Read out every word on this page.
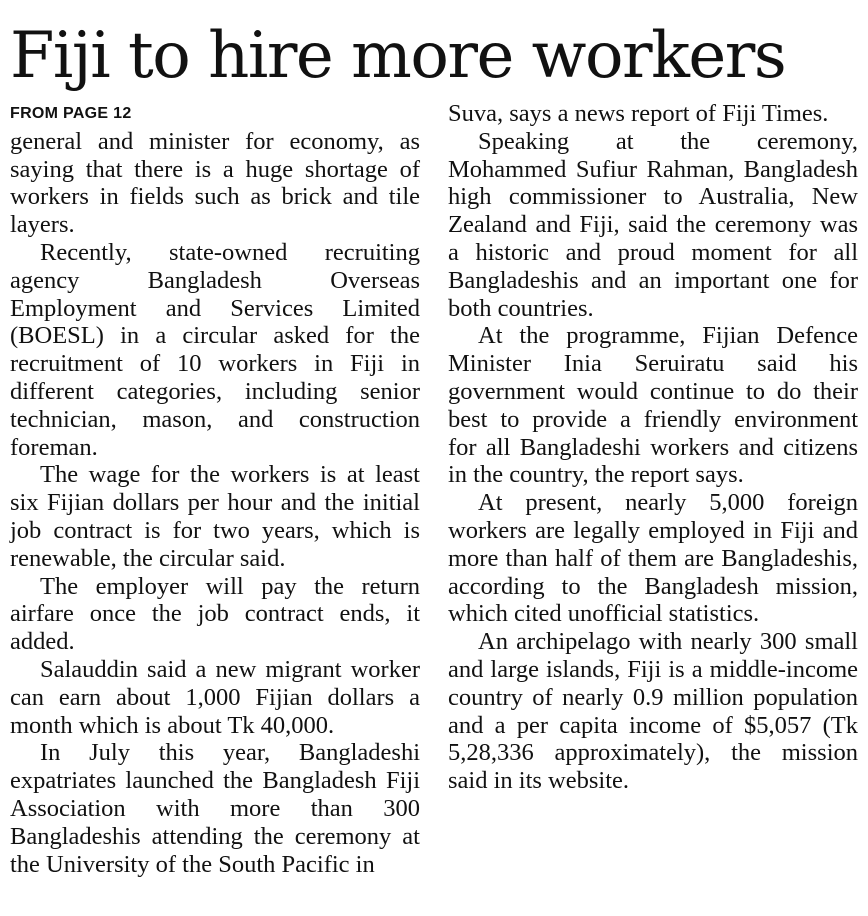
Fiji to hire more workers
FROM PAGE 12

general and minister for economy, as saying that there is a huge shortage of workers in fields such as brick and tile layers.

Recently, state-owned recruiting agency Bangladesh Overseas Employment and Services Limited (BOESL) in a circular asked for the recruitment of 10 workers in Fiji in different categories, including senior technician, mason, and construction foreman.

The wage for the workers is at least six Fijian dollars per hour and the initial job contract is for two years, which is renewable, the circular said.

The employer will pay the return airfare once the job contract ends, it added.

Salauddin said a new migrant worker can earn about 1,000 Fijian dollars a month which is about Tk 40,000.

In July this year, Bangladeshi expatriates launched the Bangladesh Fiji Association with more than 300 Bangladeshis attending the ceremony at the University of the South Pacific in

Suva, says a news report of Fiji Times.

Speaking at the ceremony, Mohammed Sufiur Rahman, Bangladesh high commissioner to Australia, New Zealand and Fiji, said the ceremony was a historic and proud moment for all Bangladeshis and an important one for both countries.

At the programme, Fijian Defence Minister Inia Seruiratu said his government would continue to do their best to provide a friendly environment for all Bangladeshi workers and citizens in the country, the report says.

At present, nearly 5,000 foreign workers are legally employed in Fiji and more than half of them are Bangladeshis, according to the Bangladesh mission, which cited unofficial statistics.

An archipelago with nearly 300 small and large islands, Fiji is a middle-income country of nearly 0.9 million population and a per capita income of $5,057 (Tk 5,28,336 approximately), the mission said in its website.
